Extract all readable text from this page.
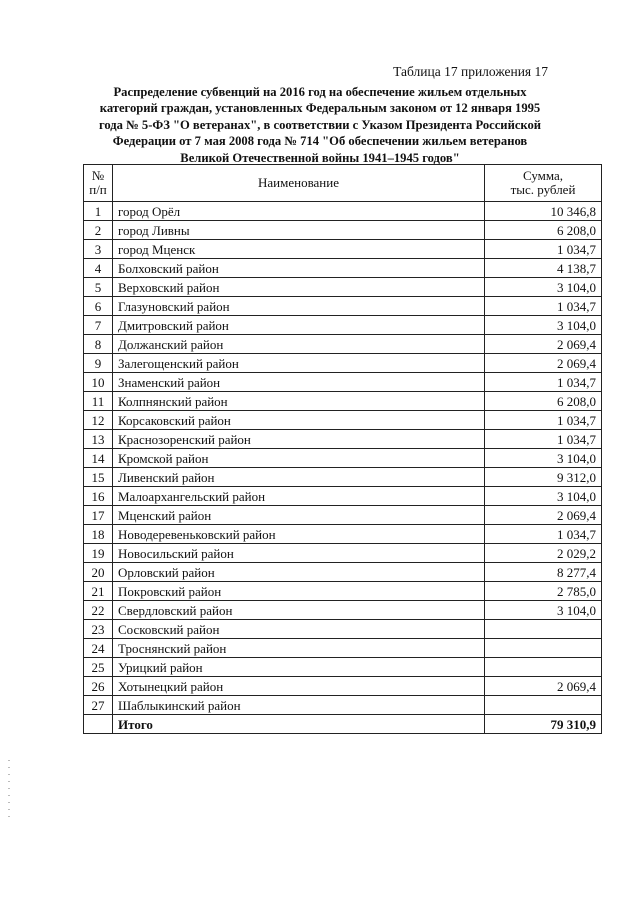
Таблица 17 приложения 17
Распределение субвенций на 2016 год на обеспечение жильем отдельных категорий граждан, установленных Федеральным законом от 12 января 1995 года № 5-ФЗ "О ветеранах", в соответствии с Указом Президента Российской Федерации от 7 мая 2008 года № 714 "Об обеспечении жильем ветеранов Великой Отечественной войны 1941–1945 годов"
№
п/п	Наименование	Сумма,
тыс. рублей
1	город Орёл	10 346,8
2	город Ливны	6 208,0
3	город Мценск	1 034,7
4	Болховский район	4 138,7
5	Верховский район	3 104,0
6	Глазуновский район	1 034,7
7	Дмитровский район	3 104,0
8	Должанский район	2 069,4
9	Залегощенский район	2 069,4
10	Знаменский район	1 034,7
11	Колпнянский район	6 208,0
12	Корсаковский район	1 034,7
13	Краснозоренский район	1 034,7
14	Кромской район	3 104,0
15	Ливенский район	9 312,0
16	Малоархангельский район	3 104,0
17	Мценский район	2 069,4
18	Новодеревеньковский район	1 034,7
19	Новосильский район	2 029,2
20	Орловский район	8 277,4
21	Покровский район	2 785,0
22	Свердловский район	3 104,0
23	Сосковский район	
24	Троснянский район	
25	Урицкий район	
26	Хотынецкий район	2 069,4
27	Шаблыкинский район	
	Итого	79 310,9
